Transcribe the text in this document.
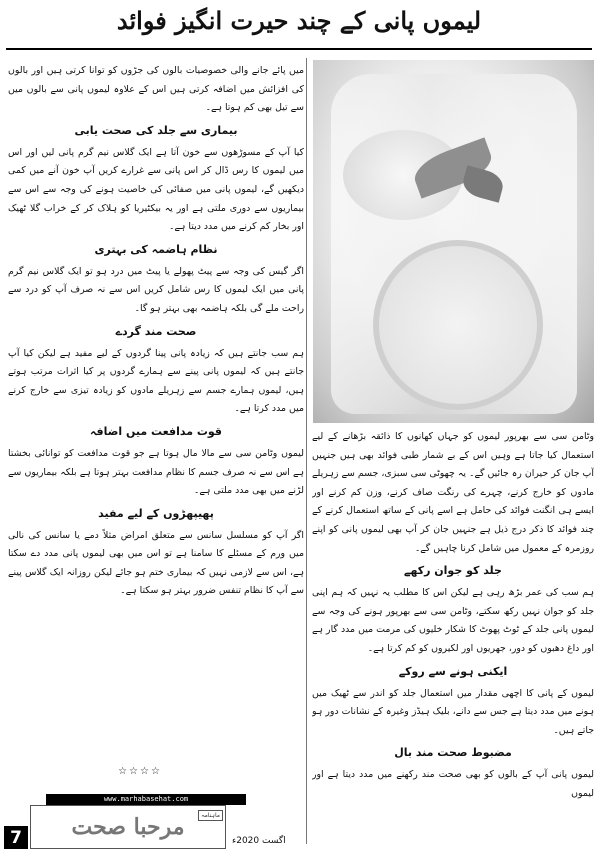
لیموں پانی کے چند حیرت انگیز فوائد

میں پائے جانے والی خصوصیات بالوں کی جڑوں کو توانا کرتی ہیں اور بالوں کی افزائش میں اضافہ کرتی ہیں اس کے علاوہ لیموں پانی سے بالوں میں سے تیل بھی کم ہوتا ہے۔

بیماری سے جلد کی صحت یابی

کیا آپ کے مسوڑھوں سے خون آتا ہے ایک گلاس نیم گرم پانی لیں اور اس میں لیموں کا رس ڈال کر اس پانی سے غرارے کریں آپ خون آنے میں کمی دیکھیں گے، لیموں پانی میں صفائی کی خاصیت ہونے کی وجہ سے اس سے بیماریوں سے دوری ملتی ہے اور یہ بیکٹیریا کو ہلاک کر کے خراب گلا ٹھیک اور بخار کم کرنے میں مدد دیتا ہے۔

نظام ہاضمہ کی بہتری

اگر گیس کی وجہ سے پیٹ پھولے یا پیٹ میں درد ہو تو ایک گلاس نیم گرم پانی میں ایک لیموں کا رس شامل کریں اس سے نہ صرف آپ کو درد سے راحت ملے گی بلکہ ہاضمہ بھی بہتر ہو گا۔

صحت مند گردے

ہم سب جانتے ہیں کہ زیادہ پانی پینا گردوں کے لیے مفید ہے لیکن کیا آپ جانتے ہیں کہ لیموں پانی پینے سے ہمارے گردوں پر کیا اثرات مرتب ہوتے ہیں، لیموں ہمارے جسم سے زہریلے مادوں کو زیادہ تیزی سے خارج کرنے میں مدد کرتا ہے۔

قوت مدافعت میں اضافہ

لیموں وٹامن سی سے مالا مال ہوتا ہے جو قوت مدافعت کو توانائی بخشتا ہے اس سے نہ صرف جسم کا نظام مدافعت بہتر ہوتا ہے بلکہ بیماریوں سے لڑنے میں بھی مدد ملتی ہے۔

پھیپھڑوں کے لیے مفید

اگر آپ کو مسلسل سانس سے متعلق امراض مثلاً دمے یا سانس کی نالی میں ورم کے مسئلے کا سامنا ہے تو اس میں بھی لیموں پانی مدد دے سکتا ہے، اس سے لازمی نہیں کہ بیماری ختم ہو جائے لیکن روزانہ ایک گلاس پینے سے آپ کا نظام تنفس ضرور بہتر ہو سکتا ہے۔

☆☆☆☆

وٹامن سی سے بھرپور لیموں کو جہاں کھانوں کا ذائقہ بڑھانے کے لیے استعمال کیا جاتا ہے وہیں اس کے بے شمار طبی فوائد بھی ہیں جنہیں آپ جان کر حیران رہ جائیں گے۔ یہ چھوٹی سی سبزی، جسم سے زہریلے مادوں کو خارج کرنے، چہرے کی رنگت صاف کرنے، وزن کم کرنے اور ایسے ہی انگنت فوائد کی حامل ہے اسے پانی کے ساتھ استعمال کرنے کے چند فوائد کا ذکر درج ذیل ہے جنہیں جان کر آپ بھی لیموں پانی کو اپنے روزمرہ کے معمول میں شامل کرنا چاہیں گے۔

جلد کو جوان رکھے

ہم سب کی عمر بڑھ رہی ہے لیکن اس کا مطلب یہ نہیں کہ ہم اپنی جلد کو جوان نہیں رکھ سکتے، وٹامن سی سے بھرپور ہونے کی وجہ سے لیموں پانی جلد کے ٹوٹ پھوٹ کا شکار خلیوں کی مرمت میں مدد گار ہے اور داغ دھبوں کو دور، جھریوں اور لکیروں کو کم کرتا ہے۔

ایکنی ہونے سے روکے

لیموں کے پانی کا اچھی مقدار میں استعمال جلد کو اندر سے ٹھیک میں ہونے میں مدد دیتا ہے جس سے دانے، بلیک ہیڈز وغیرہ کے نشانات دور ہو جاتے ہیں۔

مضبوط صحت مند بال

لیموں پانی آپ کے بالوں کو بھی صحت مند رکھنے میں مدد دیتا ہے اور لیموں

www.marhabasehat.com
ماہنامہ
مرحبا صحت
7	اگست 2020ء
